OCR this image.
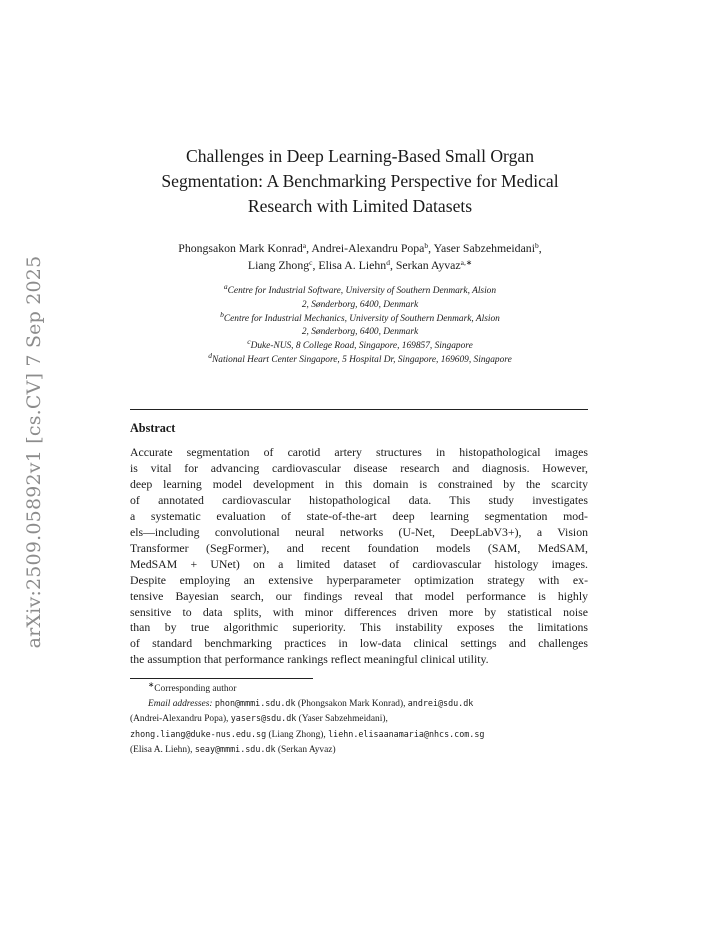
arXiv:2509.05892v1 [cs.CV] 7 Sep 2025
Challenges in Deep Learning-Based Small Organ
Segmentation: A Benchmarking Perspective for Medical
Research with Limited Datasets
Phongsakon Mark Konrad$^a$, Andrei-Alexandru Popa$^b$, Yaser Sabzehmeidani$^b$,
Liang Zhong$^c$, Elisa A. Liehn$^d$, Serkan Ayvaz$^{a,∗}$
$^a$Centre for Industrial Software, University of Southern Denmark, Alsion
2, Sønderborg, 6400, Denmark
$^b$Centre for Industrial Mechanics, University of Southern Denmark, Alsion
2, Sønderborg, 6400, Denmark
$^c$Duke-NUS, 8 College Road, Singapore, 169857, Singapore
$^d$National Heart Center Singapore, 5 Hospital Dr, Singapore, 169609, Singapore
Abstract
Accurate segmentation of carotid artery structures in histopathological images
is vital for advancing cardiovascular disease research and diagnosis. However,
deep learning model development in this domain is constrained by the scarcity
of annotated cardiovascular histopathological data. This study investigates
a systematic evaluation of state-of-the-art deep learning segmentation mod-
els—including convolutional neural networks (U-Net, DeepLabV3+), a Vision
Transformer (SegFormer), and recent foundation models (SAM, MedSAM,
MedSAM + UNet) on a limited dataset of cardiovascular histology images.
Despite employing an extensive hyperparameter optimization strategy with ex-
tensive Bayesian search, our findings reveal that model performance is highly
sensitive to data splits, with minor differences driven more by statistical noise
than by true algorithmic superiority. This instability exposes the limitations
of standard benchmarking practices in low-data clinical settings and challenges
the assumption that performance rankings reflect meaningful clinical utility.
∗Corresponding author
Email addresses: phon@mmmi.sdu.dk (Phongsakon Mark Konrad), andrei@sdu.dk
(Andrei-Alexandru Popa), yasers@sdu.dk (Yaser Sabzehmeidani),
zhong.liang@duke-nus.edu.sg (Liang Zhong), liehn.elisaanamaria@nhcs.com.sg
(Elisa A. Liehn), seay@mmmi.sdu.dk (Serkan Ayvaz)
